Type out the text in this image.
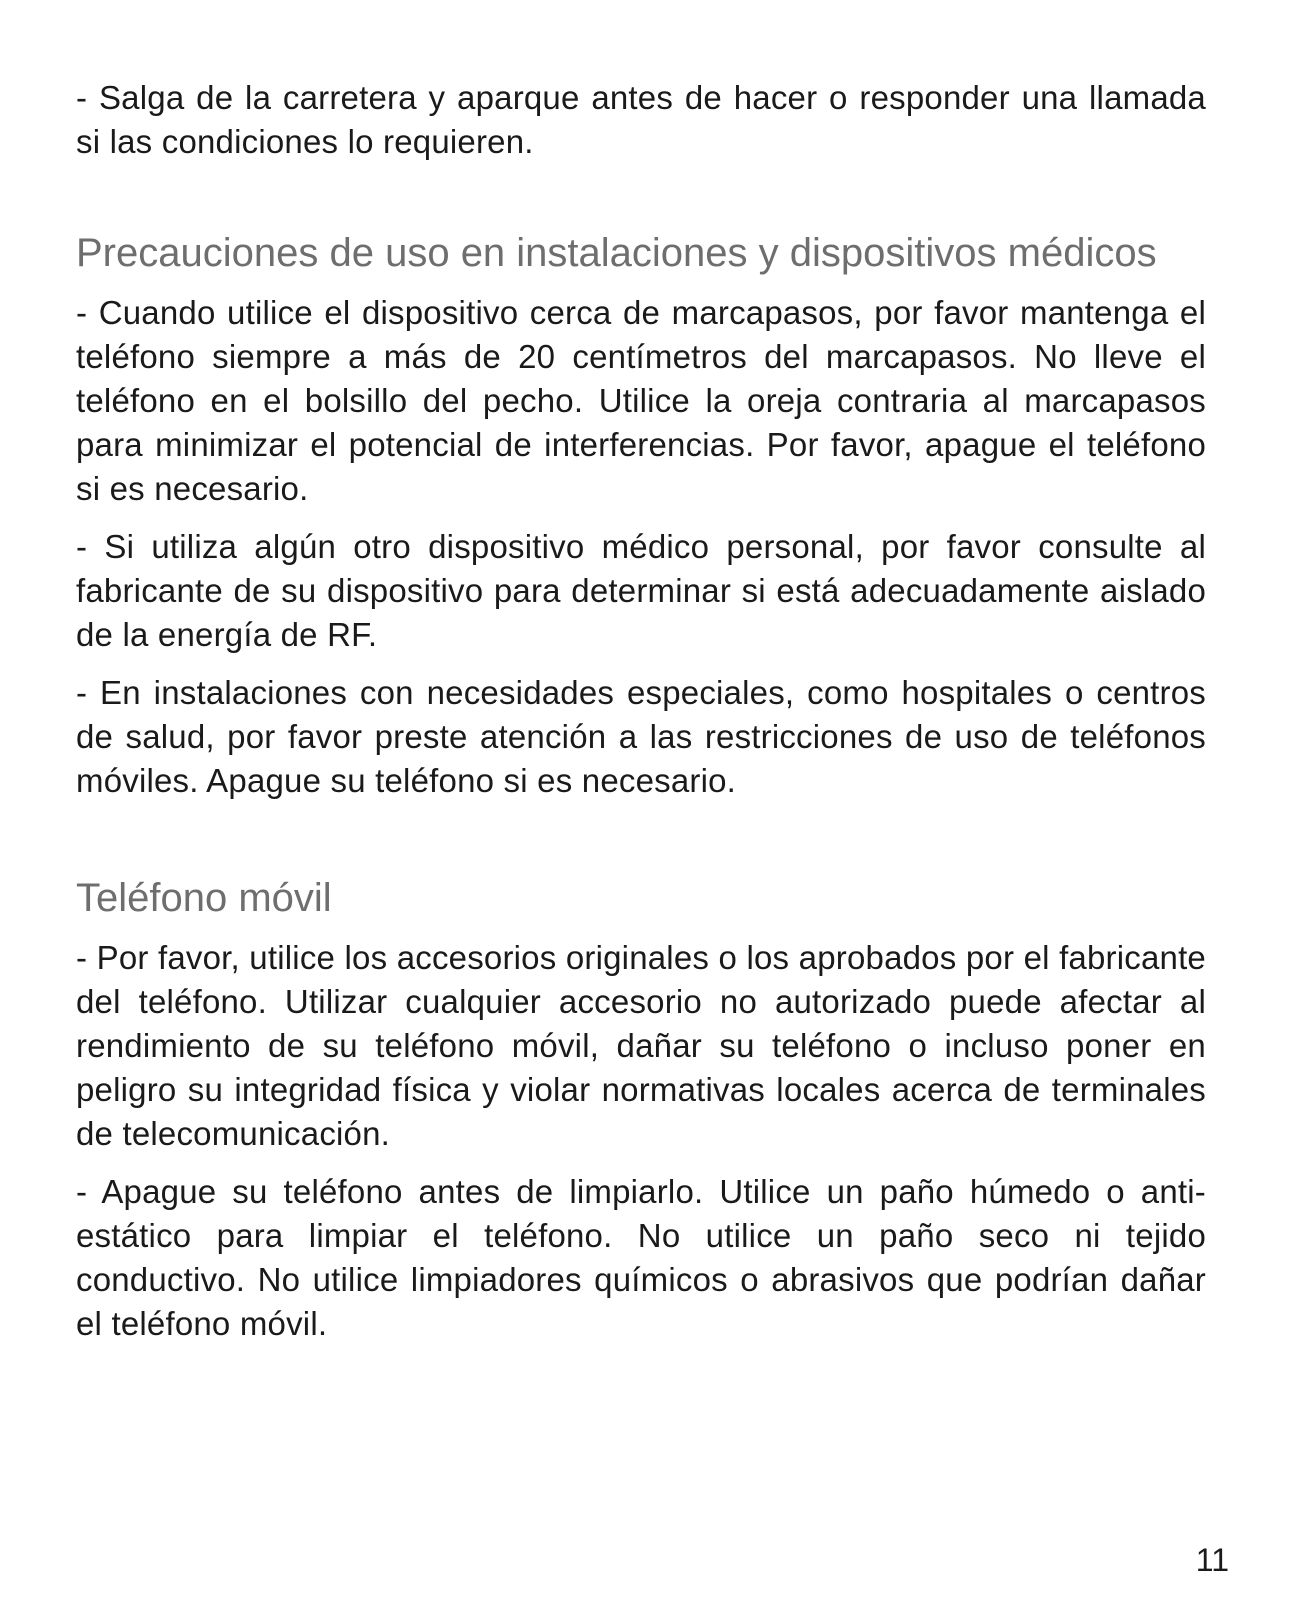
- Salga de la carretera y aparque antes de hacer o responder una llamada si las condiciones lo requieren.

Precauciones de uso en instalaciones y dispositivos médicos

- Cuando utilice el dispositivo cerca de marcapasos, por favor mantenga el teléfono siempre a más de 20 centímetros del marcapasos. No lleve el teléfono en el bolsillo del pecho. Utilice la oreja contraria al marcapasos para minimizar el potencial de interferencias. Por favor, apague el teléfono si es necesario.

- Si utiliza algún otro dispositivo médico personal, por favor consulte al fabricante de su dispositivo para determinar si está adecuadamente aislado de la energía de RF.

- En instalaciones con necesidades especiales, como hospitales o centros de salud, por favor preste atención a las restricciones de uso de teléfonos móviles. Apague su teléfono si es necesario.

Teléfono móvil

- Por favor, utilice los accesorios originales o los aprobados por el fabricante del teléfono. Utilizar cualquier accesorio no autorizado puede afectar al rendimiento de su teléfono móvil, dañar su teléfono o incluso poner en peligro su integridad física y violar normativas locales acerca de terminales de telecomunicación.

- Apague su teléfono antes de limpiarlo. Utilice un paño húmedo o anti-estático para limpiar el teléfono. No utilice un paño seco ni tejido conductivo. No utilice limpiadores químicos o abrasivos que podrían dañar el teléfono móvil.

11
